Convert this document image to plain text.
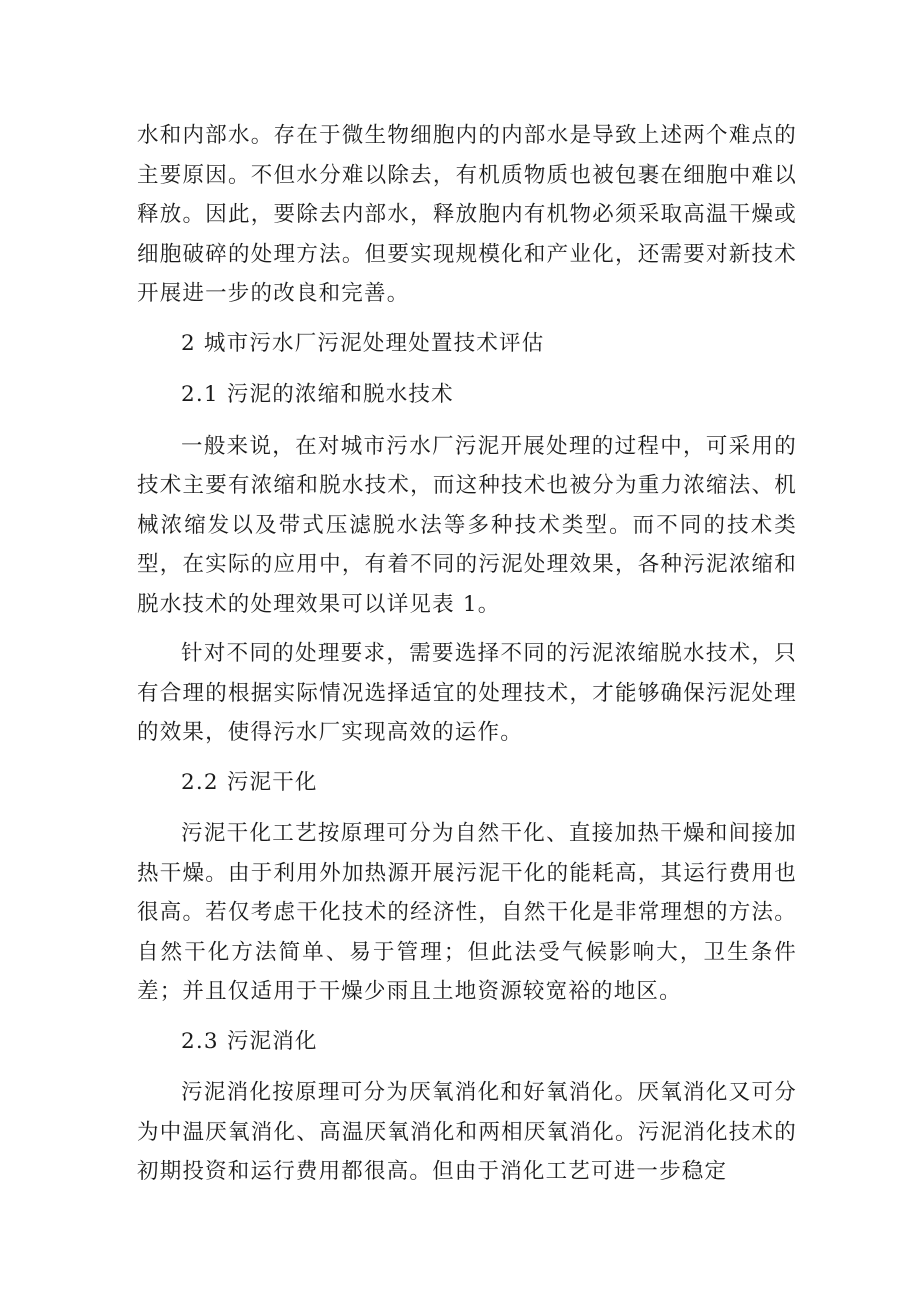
水和内部水。存在于微生物细胞内的内部水是导致上述两个难点的主要原因。不但水分难以除去，有机质物质也被包裹在细胞中难以释放。因此，要除去内部水，释放胞内有机物必须采取高温干燥或细胞破碎的处理方法。但要实现规模化和产业化，还需要对新技术开展进一步的改良和完善。

2 城市污水厂污泥处理处置技术评估

2.1 污泥的浓缩和脱水技术

一般来说，在对城市污水厂污泥开展处理的过程中，可采用的技术主要有浓缩和脱水技术，而这种技术也被分为重力浓缩法、机械浓缩发以及带式压滤脱水法等多种技术类型。而不同的技术类型，在实际的应用中，有着不同的污泥处理效果，各种污泥浓缩和脱水技术的处理效果可以详见表 1。

针对不同的处理要求，需要选择不同的污泥浓缩脱水技术，只有合理的根据实际情况选择适宜的处理技术，才能够确保污泥处理的效果，使得污水厂实现高效的运作。

2.2 污泥干化

污泥干化工艺按原理可分为自然干化、直接加热干燥和间接加热干燥。由于利用外加热源开展污泥干化的能耗高，其运行费用也很高。若仅考虑干化技术的经济性，自然干化是非常理想的方法。自然干化方法简单、易于管理；但此法受气候影响大，卫生条件差；并且仅适用于干燥少雨且土地资源较宽裕的地区。

2.3 污泥消化

污泥消化按原理可分为厌氧消化和好氧消化。厌氧消化又可分为中温厌氧消化、高温厌氧消化和两相厌氧消化。污泥消化技术的初期投资和运行费用都很高。但由于消化工艺可进一步稳定
